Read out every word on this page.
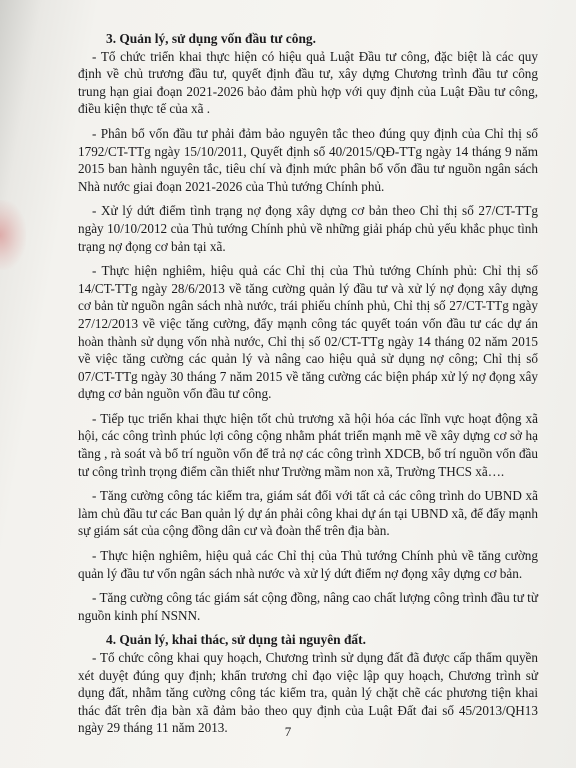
3. Quản lý, sử dụng vốn đầu tư công.

- Tổ chức triển khai thực hiện có hiệu quả Luật Đầu tư công, đặc biệt là các quy định về chủ trương đầu tư, quyết định đầu tư, xây dựng Chương trình đầu tư công trung hạn giai đoạn 2021-2026 bảo đảm phù hợp với quy định của Luật Đầu tư công, điều kiện thực tế của xã .

- Phân bổ vốn đầu tư phải đảm bảo nguyên tắc theo đúng quy định của Chỉ thị số 1792/CT-TTg ngày 15/10/2011, Quyết định số 40/2015/QĐ-TTg ngày 14 tháng 9 năm 2015 ban hành nguyên tắc, tiêu chí và định mức phân bổ vốn đầu tư nguồn ngân sách Nhà nước giai đoạn 2021-2026 của Thủ tướng Chính phủ.

- Xử lý dứt điểm tình trạng nợ đọng xây dựng cơ bản theo Chỉ thị số 27/CT-TTg ngày 10/10/2012 của Thủ tướng Chính phủ về những giải pháp chủ yếu khắc phục tình trạng nợ đọng cơ bản tại xã.

- Thực hiện nghiêm, hiệu quả các Chỉ thị của Thủ tướng Chính phủ: Chỉ thị số 14/CT-TTg ngày 28/6/2013 về tăng cường quản lý đầu tư và xử lý nợ đọng xây dựng cơ bản từ nguồn ngân sách nhà nước, trái phiếu chính phủ, Chỉ thị số 27/CT-TTg ngày 27/12/2013 về việc tăng cường, đẩy mạnh công tác quyết toán vốn đầu tư các dự án hoàn thành sử dụng vốn nhà nước, Chỉ thị số 02/CT-TTg ngày 14 tháng 02 năm 2015 về việc tăng cường các quản lý và nâng cao hiệu quả sử dụng nợ công; Chỉ thị số 07/CT-TTg ngày 30 tháng 7 năm 2015 về tăng cường các biện pháp xử lý nợ đọng xây dựng cơ bản nguồn vốn đầu tư công.

- Tiếp tục triển khai thực hiện tốt chủ trương xã hội hóa các lĩnh vực hoạt động xã hội, các công trình phúc lợi công cộng nhằm phát triển mạnh mẽ về xây dựng cơ sở hạ tầng , rà soát và bố trí nguồn vốn để trả nợ các công trình XDCB, bố trí nguồn vốn đầu tư công trình trọng điểm cần thiết như Trường mầm non xã, Trường THCS xã….

- Tăng cường công tác kiểm tra, giám sát đối với tất cả các công trình do UBND xã làm chủ đầu tư các Ban quản lý dự án phải công khai dự án tại UBND xã, để đẩy mạnh sự giám sát của cộng đồng dân cư và đoàn thể trên địa bàn.

- Thực hiện nghiêm, hiệu quả các Chỉ thị của Thủ tướng Chính phủ về tăng cường quản lý đầu tư vốn ngân sách nhà nước và xử lý dứt điểm nợ đọng xây dựng cơ bản.

- Tăng cường công tác giám sát cộng đồng, nâng cao chất lượng công trình đầu tư từ nguồn kinh phí NSNN.

4. Quản lý, khai thác, sử dụng tài nguyên đất.

- Tổ chức công khai quy hoạch, Chương trình sử dụng đất đã được cấp thẩm quyền xét duyệt đúng quy định; khẩn trương chỉ đạo việc lập quy hoạch, Chương trình sử dụng đất, nhằm tăng cường công tác kiểm tra, quản lý chặt chẽ các phương tiện khai thác đất trên địa bàn xã đảm bảo theo quy định của Luật Đất đai số 45/2013/QH13 ngày 29 tháng 11 năm 2013.	7
